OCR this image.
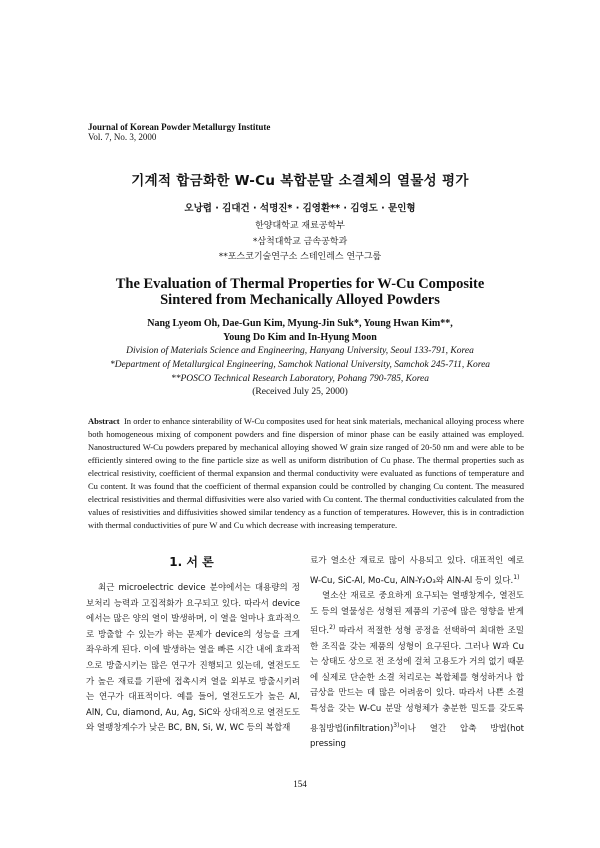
Journal of Korean Powder Metallurgy Institute
Vol. 7, No. 3, 2000
기계적 합금화한 W-Cu 복합분말 소결체의 열물성 평가
오낭렵 · 김대건 · 석명진* · 김영환** · 김영도 · 문인형
한양대학교 재료공학부
*삼척대학교 금속공학과
**포스코기술연구소 스테인레스 연구그룹
The Evaluation of Thermal Properties for W-Cu Composite
Sintered from Mechanically Alloyed Powders
Nang Lyeom Oh, Dae-Gun Kim, Myung-Jin Suk*, Young Hwan Kim**,
Young Do Kim and In-Hyung Moon
Division of Materials Science and Engineering, Hanyang University, Seoul 133-791, Korea
*Department of Metallurgical Engineering, Samchok National University, Samchok 245-711, Korea
**POSCO Technical Research Laboratory, Pohang 790-785, Korea
(Received July 25, 2000)
Abstract In order to enhance sinterability of W-Cu composites used for heat sink materials, mechanical alloying process where both homogeneous mixing of component powders and fine dispersion of minor phase can be easily attained was employed. Nanostructured W-Cu powders prepared by mechanical alloying showed W grain size ranged of 20-50 nm and were able to be efficiently sintered owing to the fine particle size as well as uniform distribution of Cu phase. The thermal properties such as electrical resistivity, coefficient of thermal expansion and thermal conductivity were evaluated as functions of temperature and Cu content. It was found that the coefficient of thermal expansion could be controlled by changing Cu content. The measured electrical resistivities and thermal diffusivities were also varied with Cu content. The thermal conductivities calculated from the values of resistivities and diffusivities showed similar tendency as a function of temperatures. However, this is in contradiction with thermal conductivities of pure W and Cu which decrease with increasing temperature.
1. 서 론

최근 microelectric device 분야에서는 대용량의 정보처리 능력과 고집적화가 요구되고 있다. 따라서 device에서는 많은 양의 열이 발생하며, 이 열을 얼마나 효과적으로 방출할 수 있는가 하는 문제가 device의 성능을 크게 좌우하게 된다. 이에 발생하는 열을 빠른 시간 내에 효과적으로 방출시키는 많은 연구가 진행되고 있는데, 열전도도가 높은 재료를 기판에 접촉시켜 열을 외부로 방출시키려는 연구가 대표적이다. 예를 들어, 열전도도가 높은 Al, AlN, Cu, diamond, Au, Ag, SiC와 상대적으로 열전도도와 열팽창계수가 낮은 BC, BN, Si, W, WC 등의 복합재

료가 열소산 재료로 많이 사용되고 있다. 대표적인 예로 W-Cu, SiC-Al, Mo-Cu, AlN-Y₂O₃와 AlN-Al 등이 있다.$^{1)}$

열소산 재료로 중요하게 요구되는 열팽창계수, 열전도도 등의 열물성은 성형된 제품의 기공에 많은 영향을 받게 된다.$^{2)}$ 따라서 적절한 성형 공정을 선택하여 최대한 조밀한 조직을 갖는 제품의 성형이 요구된다. 그러나 W과 Cu는 상태도 상으로 전 조성에 걸쳐 고용도가 거의 없기 때문에 실제로 단순한 소결 처리로는 복합체를 형성하거나 합금상을 만드는 데 많은 어려움이 있다. 따라서 나쁜 소결 특성을 갖는 W-Cu 분말 성형체가 충분한 밀도를 갖도록 용침방법(infiltration)$^{3)}$이나 열간 압축 방법(hot pressing

154
